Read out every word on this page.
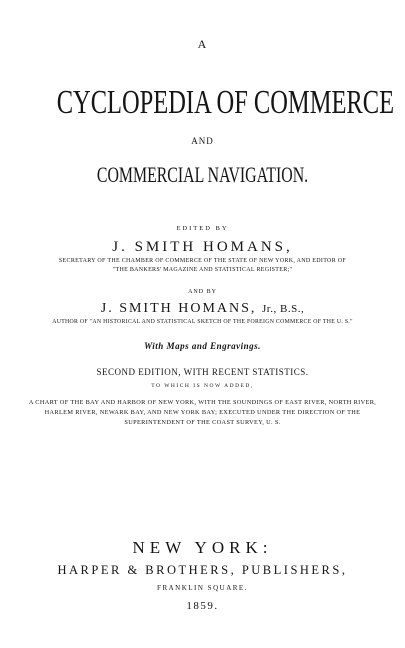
A
CYCLOPEDIA OF COMMERCE
AND
COMMERCIAL NAVIGATION.
EDITED BY
J. SMITH HOMANS,
SECRETARY OF THE CHAMBER OF COMMERCE OF THE STATE OF NEW YORK, AND EDITOR OF
"THE BANKERS' MAGAZINE AND STATISTICAL REGISTER;"
AND BY
J. SMITH HOMANS, Jr., B.S.,
AUTHOR OF "AN HISTORICAL AND STATISTICAL SKETCH OF THE FOREIGN COMMERCE OF THE U. S."
With Maps and Engravings.
SECOND EDITION, WITH RECENT STATISTICS.
TO WHICH IS NOW ADDED,
A CHART OF THE BAY AND HARBOR OF NEW YORK, WITH THE SOUNDINGS OF EAST RIVER, NORTH RIVER, HARLEM RIVER, NEWARK BAY, AND NEW YORK BAY; EXECUTED UNDER THE DIRECTION OF THE SUPERINTENDENT OF THE COAST SURVEY, U. S.
NEW YORK:
HARPER & BROTHERS, PUBLISHERS,
FRANKLIN SQUARE.
1859.
